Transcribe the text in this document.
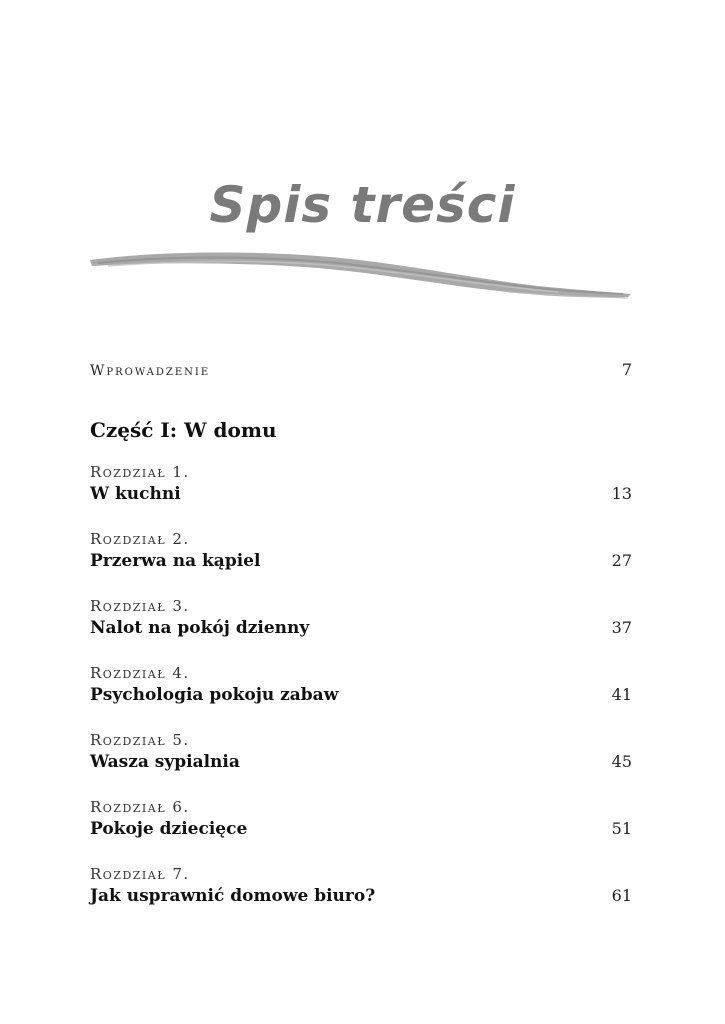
Spis treści
Wprowadzenie	7
Część I: W domu
Rozdział 1.
W kuchni	13
Rozdział 2.
Przerwa na kąpiel	27
Rozdział 3.
Nalot na pokój dzienny	37
Rozdział 4.
Psychologia pokoju zabaw	41
Rozdział 5.
Wasza sypialnia	45
Rozdział 6.
Pokoje dziecięce	51
Rozdział 7.
Jak usprawnić domowe biuro?	61
